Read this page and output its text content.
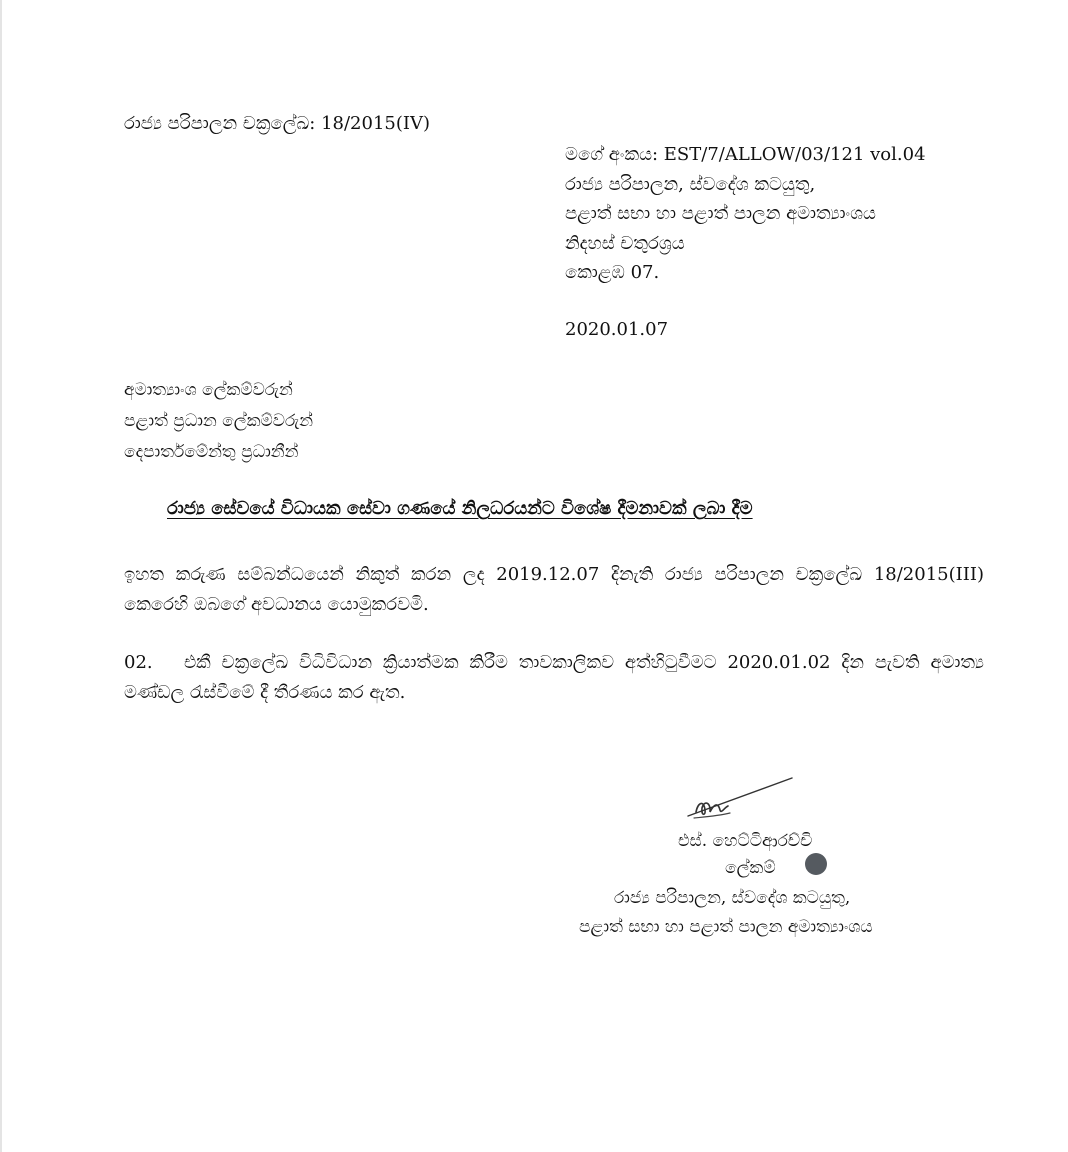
රාජ්‍ය පරිපාලන චක්‍රලේඛ: 18/2015(IV)
මගේ අංකය: EST/7/ALLOW/03/121 vol.04
රාජ්‍ය පරිපාලන, ස්වදේශ කටයුතු,
පළාත් සභා හා පළාත් පාලන අමාත්‍යාංශය
නිදහස් චතුරශ්‍රය
කොළඹ 07.
2020.01.07
අමාත්‍යාංශ ලේකම්වරුන්
පළාත් ප්‍රධාන ලේකම්වරුන්
දෙපාර්තමේන්තු ප්‍රධානීන්
රාජ්‍ය සේවයේ විධායක සේවා ගණයේ නිලධරයන්ට විශේෂ දීමනාවක් ලබා දීම
ඉහත කරුණ සම්බන්ධයෙන් නිකුත් කරන ලද 2019.12.07 දිනැති රාජ්‍ය පරිපාලන චක්‍රලේඛ 18/2015(III) කෙරෙහි ඔබගේ අවධානය යොමුකරවමි.
02. එකී චක්‍රලේඛ විධිවිධාන ක්‍රියාත්මක කිරීම තාවකාලිකව අත්හිටුවීමට 2020.01.02 දින පැවති අමාත්‍ය මණ්ඩල රැස්වීමේ දී තීරණය කර ඇත.
එස්. හෙට්ටිආරච්චි
ලේකම්
රාජ්‍ය පරිපාලන, ස්වදේශ කටයුතු,
පළාත් සභා හා පළාත් පාලන අමාත්‍යාංශය
